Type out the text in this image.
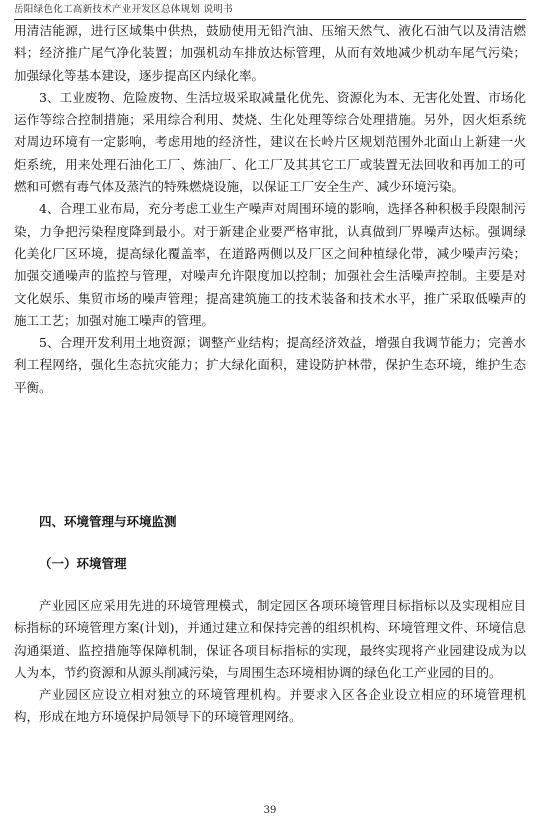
岳阳绿色化工高新技术产业开发区总体规划 说明书

用清洁能源，进行区域集中供热，鼓励使用无铅汽油、压缩天然气、液化石油气以及清洁燃料；经济推广尾气净化装置；加强机动车排放达标管理，从而有效地减少机动车尾气污染；加强绿化等基本建设，逐步提高区内绿化率。

3、工业废物、危险废物、生活垃圾采取减量化优先、资源化为本、无害化处置、市场化运作等综合控制措施；采用综合利用、焚烧、生化处理等综合处理措施。另外，因火炬系统对周边环境有一定影响，考虑用地的经济性，建议在长岭片区规划范围外北面山上新建一火炬系统，用来处理石油化工厂、炼油厂、化工厂及其其它工厂或装置无法回收和再加工的可燃和可燃有毒气体及蒸汽的特殊燃烧设施，以保证工厂安全生产、减少环境污染。

4、合理工业布局，充分考虑工业生产噪声对周围环境的影响，选择各种积极手段限制污染，力争把污染程度降到最小。对于新建企业要严格审批，认真做到厂界噪声达标。强调绿化美化厂区环境，提高绿化覆盖率，在道路两侧以及厂区之间种植绿化带，减少噪声污染；加强交通噪声的监控与管理，对噪声允许限度加以控制；加强社会生活噪声控制。主要是对文化娱乐、集贸市场的噪声管理；提高建筑施工的技术装备和技术水平，推广采取低噪声的施工工艺；加强对施工噪声的管理。

5、合理开发利用土地资源；调整产业结构；提高经济效益，增强自我调节能力；完善水利工程网络，强化生态抗灾能力；扩大绿化面积，建设防护林带，保护生态环境，维护生态平衡。

四、环境管理与环境监测
（一）环境管理

产业园区应采用先进的环境管理模式，制定园区各项环境管理目标指标以及实现相应目标指标的环境管理方案(计划)，并通过建立和保持完善的组织机构、环境管理文件、环境信息沟通渠道、监控措施等保障机制，保证各项目标指标的实现，最终实现将产业园建设成为以人为本，节约资源和从源头削减污染，与周围生态环境相协调的绿色化工产业园的目的。

产业园区应设立相对独立的环境管理机构。并要求入区各企业设立相应的环境管理机构，形成在地方环境保护局领导下的环境管理网络。

39
